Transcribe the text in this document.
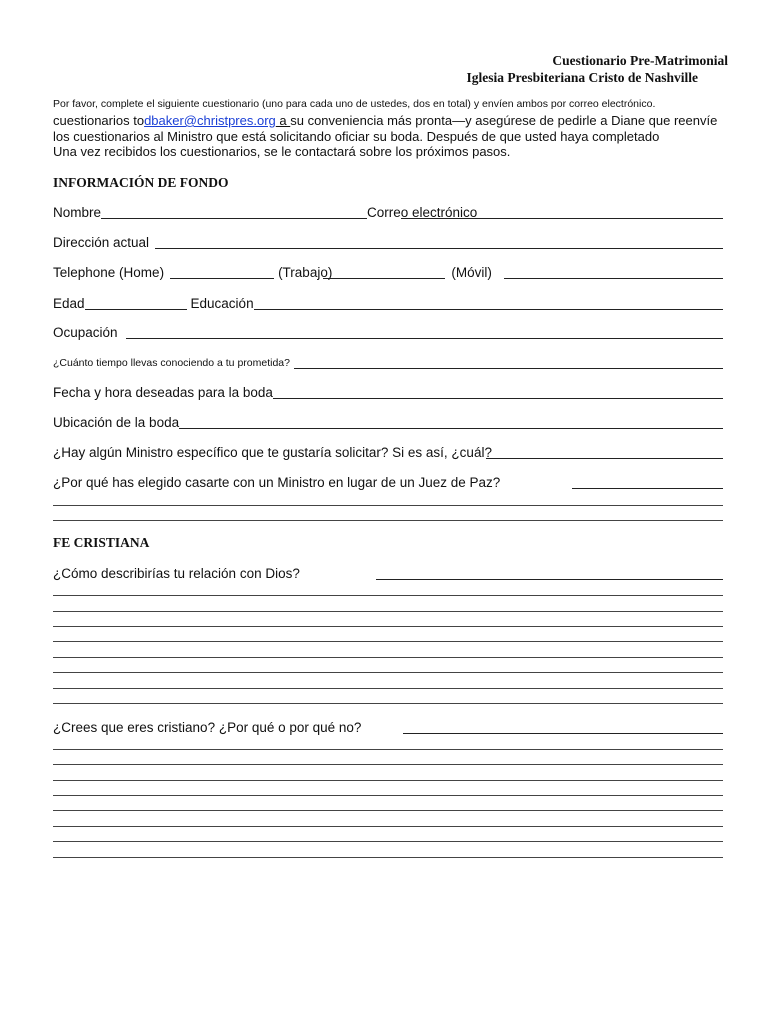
Cuestionario Pre-Matrimonial
Iglesia Presbiteriana Cristo de Nashville
Por favor, complete el siguiente cuestionario (uno para cada uno de ustedes, dos en total) y envíen ambos por correo electrónico.
cuestionarios todbaker@christpres.org a su conveniencia más pronta—y asegúrese de pedirle a Diane que reenvíe
los cuestionarios al Ministro que está solicitando oficiar su boda. Después de que usted haya completado
Una vez recibidos los cuestionarios, se le contactará sobre los próximos pasos.
INFORMACIÓN DE FONDO
Nombre	Correo electrónico
Dirección actual
Telephone (Home)	(Trabajo)	(Móvil)
Edad	Educación
Ocupación
¿Cuánto tiempo llevas conociendo a tu prometida?
Fecha y hora deseadas para la boda
Ubicación de la boda
¿Hay algún Ministro específico que te gustaría solicitar? Si es así, ¿cuál?
¿Por qué has elegido casarte con un Ministro en lugar de un Juez de Paz?
FE CRISTIANA
¿Cómo describirías tu relación con Dios?
¿Crees que eres cristiano? ¿Por qué o por qué no?
